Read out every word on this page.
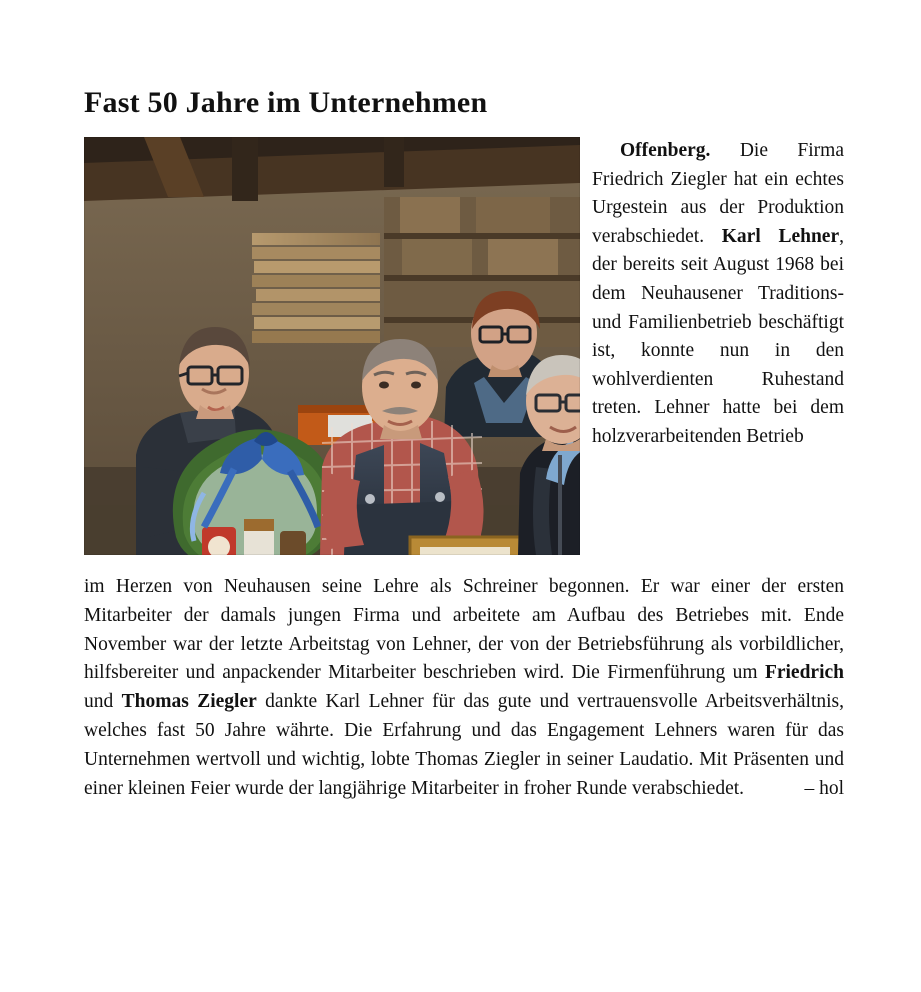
Fast 50 Jahre im Unternehmen

Offenberg. Die Firma Friedrich Ziegler hat ein echtes Urgestein aus der Produktion verabschiedet. Karl Lehner, der bereits seit August 1968 bei dem Neuhausener Traditions- und Familienbetrieb beschäftigt ist, konnte nun in den wohlverdienten Ruhestand treten. Lehner hatte bei dem holzverarbeitenden Betrieb

im Herzen von Neuhausen seine Lehre als Schreiner begonnen. Er war einer der ersten Mitarbeiter der damals jungen Firma und arbeitete am Aufbau des Betriebes mit. Ende November war der letzte Arbeitstag von Lehner, der von der Betriebsführung als vorbildlicher, hilfsbereiter und anpackender Mitarbeiter beschrieben wird. Die Firmenführung um Friedrich und Thomas Ziegler dankte Karl Lehner für das gute und vertrauensvolle Arbeitsverhältnis, welches fast 50 Jahre währte. Die Erfahrung und das Engagement Lehners waren für das Unternehmen wertvoll und wichtig, lobte Thomas Ziegler in seiner Laudatio. Mit Präsenten und einer kleinen Feier wurde der langjährige Mitarbeiter in froher Runde verabschiedet.	– hol
